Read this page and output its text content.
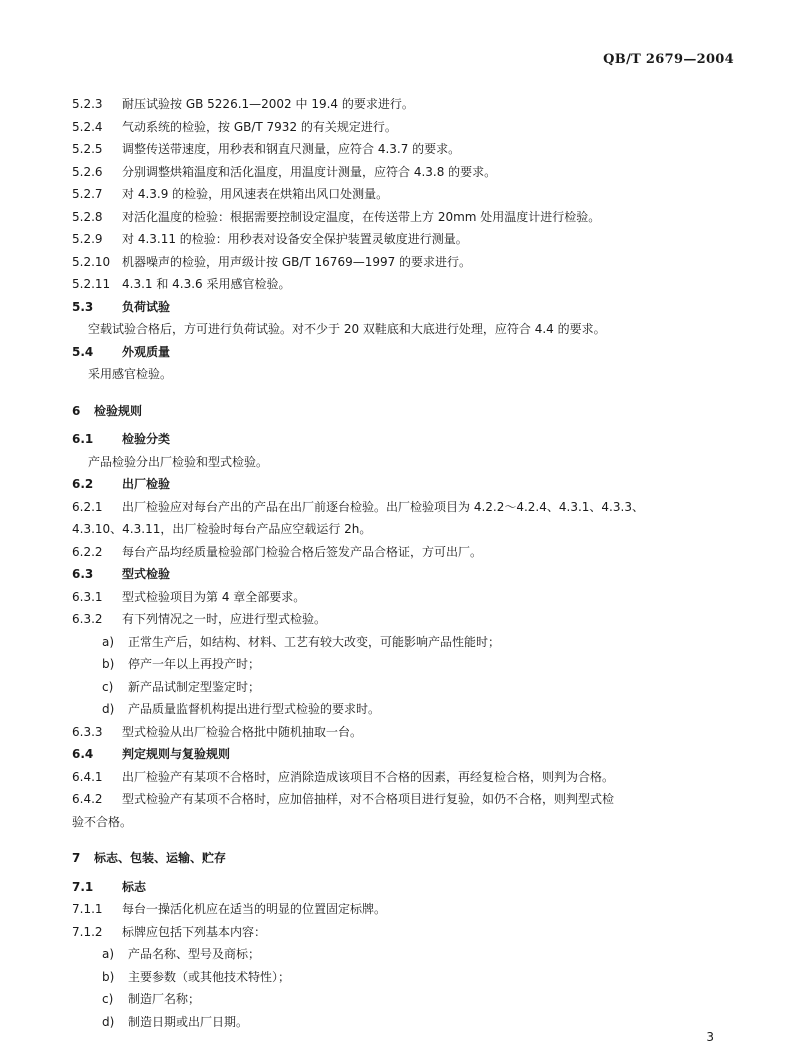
QB/T 2679—2004
5.2.3 耐压试验按 GB 5226.1—2002 中 19.4 的要求进行。
5.2.4 气动系统的检验，按 GB/T 7932 的有关规定进行。
5.2.5 调整传送带速度，用秒表和钢直尺测量，应符合 4.3.7 的要求。
5.2.6 分别调整烘箱温度和活化温度，用温度计测量，应符合 4.3.8 的要求。
5.2.7 对 4.3.9 的检验，用风速表在烘箱出风口处测量。
5.2.8 对活化温度的检验：根据需要控制设定温度，在传送带上方 20mm 处用温度计进行检验。
5.2.9 对 4.3.11 的检验：用秒表对设备安全保护装置灵敏度进行测量。
5.2.10 机器噪声的检验，用声级计按 GB/T 16769—1997 的要求进行。
5.2.11 4.3.1 和 4.3.6 采用感官检验。
5.3 负荷试验
空载试验合格后，方可进行负荷试验。对不少于 20 双鞋底和大底进行处理，应符合 4.4 的要求。
5.4 外观质量
采用感官检验。
6 检验规则
6.1 检验分类
产品检验分出厂检验和型式检验。
6.2 出厂检验
6.2.1 出厂检验应对每台产出的产品在出厂前逐台检验。出厂检验项目为 4.2.2～4.2.4、4.3.1、4.3.3、
4.3.10、4.3.11，出厂检验时每台产品应空载运行 2h。
6.2.2 每台产品均经质量检验部门检验合格后签发产品合格证，方可出厂。
6.3 型式检验
6.3.1 型式检验项目为第 4 章全部要求。
6.3.2 有下列情况之一时，应进行型式检验。
a) 正常生产后，如结构、材料、工艺有较大改变，可能影响产品性能时；
b) 停产一年以上再投产时；
c) 新产品试制定型鉴定时；
d) 产品质量监督机构提出进行型式检验的要求时。
6.3.3 型式检验从出厂检验合格批中随机抽取一台。
6.4 判定规则与复验规则
6.4.1 出厂检验产有某项不合格时，应消除造成该项目不合格的因素，再经复检合格，则判为合格。
6.4.2 型式检验产有某项不合格时，应加倍抽样，对不合格项目进行复验，如仍不合格，则判型式检
验不合格。
7 标志、包装、运输、贮存
7.1 标志
7.1.1 每台一操活化机应在适当的明显的位置固定标牌。
7.1.2 标牌应包括下列基本内容：
a) 产品名称、型号及商标；
b) 主要参数（或其他技术特性）；
c) 制造厂名称；
d) 制造日期或出厂日期。
3
